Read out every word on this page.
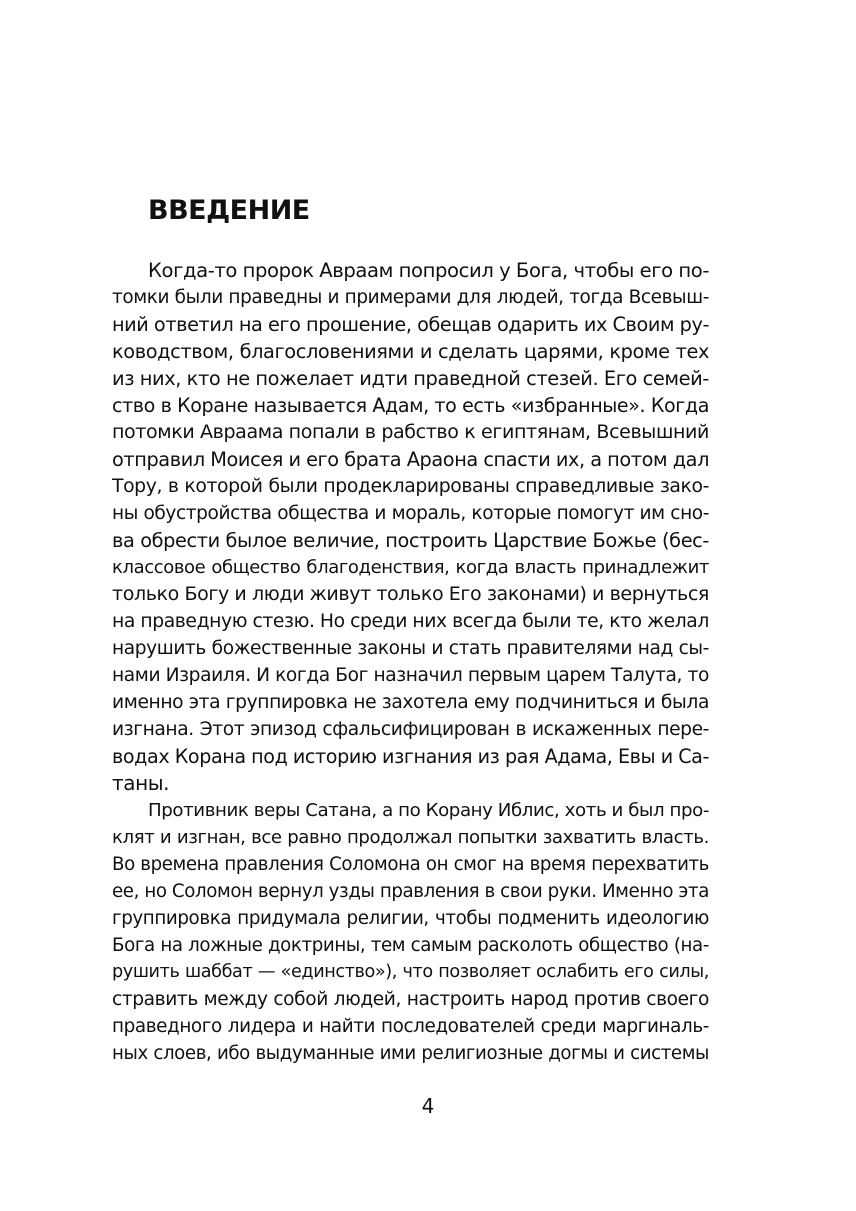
ВВЕДЕНИЕ
Когда-то пророк Авраам попросил у Бога, чтобы его по-
томки были праведны и примерами для людей, тогда Всевыш-
ний ответил на его прошение, обещав одарить их Своим ру-
ководством, благословениями и сделать царями, кроме тех
из них, кто не пожелает идти праведной стезей. Его семей-
ство в Коране называется Адам, то есть «избранные». Когда
потомки Авраама попали в рабство к египтянам, Всевышний
отправил Моисея и его брата Араона спасти их, а потом дал
Тору, в которой были продекларированы справедливые зако-
ны обустройства общества и мораль, которые помогут им сно-
ва обрести былое величие, построить Царствие Божье (бес-
классовое общество благоденствия, когда власть принадлежит
только Богу и люди живут только Его законами) и вернуться
на праведную стезю. Но среди них всегда были те, кто желал
нарушить божественные законы и стать правителями над сы-
нами Израиля. И когда Бог назначил первым царем Талута, то
именно эта группировка не захотела ему подчиниться и была
изгнана. Этот эпизод сфальсифицирован в искаженных пере-
водах Корана под историю изгнания из рая Адама, Евы и Са-
таны.
Противник веры Сатана, а по Корану Иблис, хоть и был про-
клят и изгнан, все равно продолжал попытки захватить власть.
Во времена правления Соломона он смог на время перехватить
ее, но Соломон вернул узды правления в свои руки. Именно эта
группировка придумала религии, чтобы подменить идеологию
Бога на ложные доктрины, тем самым расколоть общество (на-
рушить шаббат — «единство»), что позволяет ослабить его силы,
стравить между собой людей, настроить народ против своего
праведного лидера и найти последователей среди маргиналь-
ных слоев, ибо выдуманные ими религиозные догмы и системы
4
